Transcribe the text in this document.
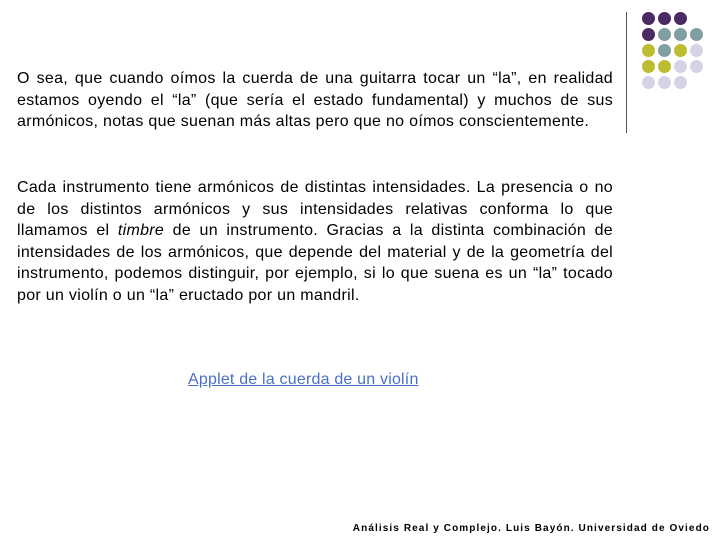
O sea, que cuando oímos la cuerda de una guitarra tocar un “la”, en realidad estamos oyendo el “la” (que sería el estado fundamental) y muchos de sus armónicos, notas que suenan más altas pero que no oímos conscientemente.

Cada instrumento tiene armónicos de distintas intensidades. La presencia o no de los distintos armónicos y sus intensidades relativas conforma lo que llamamos el timbre de un instrumento. Gracias a la distinta combinación de intensidades de los armónicos, que depende del material y de la geometría del instrumento, podemos distinguir, por ejemplo, si lo que suena es un “la” tocado por un violín o un “la” eructado por un mandril.

Applet de la cuerda de un violín
Análisis Real y Complejo. Luis Bayón. Universidad de Oviedo
